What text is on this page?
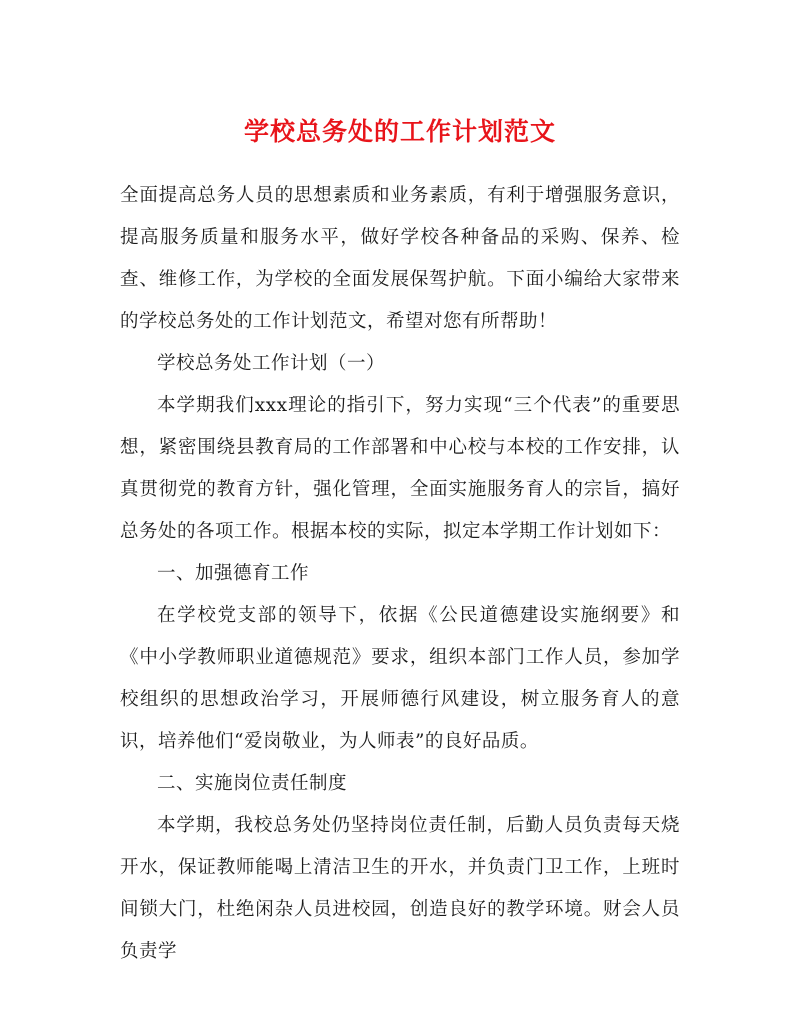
学校总务处的工作计划范文

全面提高总务人员的思想素质和业务素质，有利于增强服务意识，提高服务质量和服务水平，做好学校各种备品的采购、保养、检查、维修工作，为学校的全面发展保驾护航。下面小编给大家带来的学校总务处的工作计划范文，希望对您有所帮助！

学校总务处工作计划（一）

本学期我们xxx理论的指引下，努力实现“三个代表”的重要思想，紧密围绕县教育局的工作部署和中心校与本校的工作安排，认真贯彻党的教育方针，强化管理，全面实施服务育人的宗旨，搞好总务处的各项工作。根据本校的实际，拟定本学期工作计划如下：

一、加强德育工作

在学校党支部的领导下，依据《公民道德建设实施纲要》和《中小学教师职业道德规范》要求，组织本部门工作人员，参加学校组织的思想政治学习，开展师德行风建设，树立服务育人的意识，培养他们“爱岗敬业，为人师表”的良好品质。

二、实施岗位责任制度

本学期，我校总务处仍坚持岗位责任制，后勤人员负责每天烧开水，保证教师能喝上清洁卫生的开水，并负责门卫工作，上班时间锁大门，杜绝闲杂人员进校园，创造良好的教学环境。财会人员负责学
